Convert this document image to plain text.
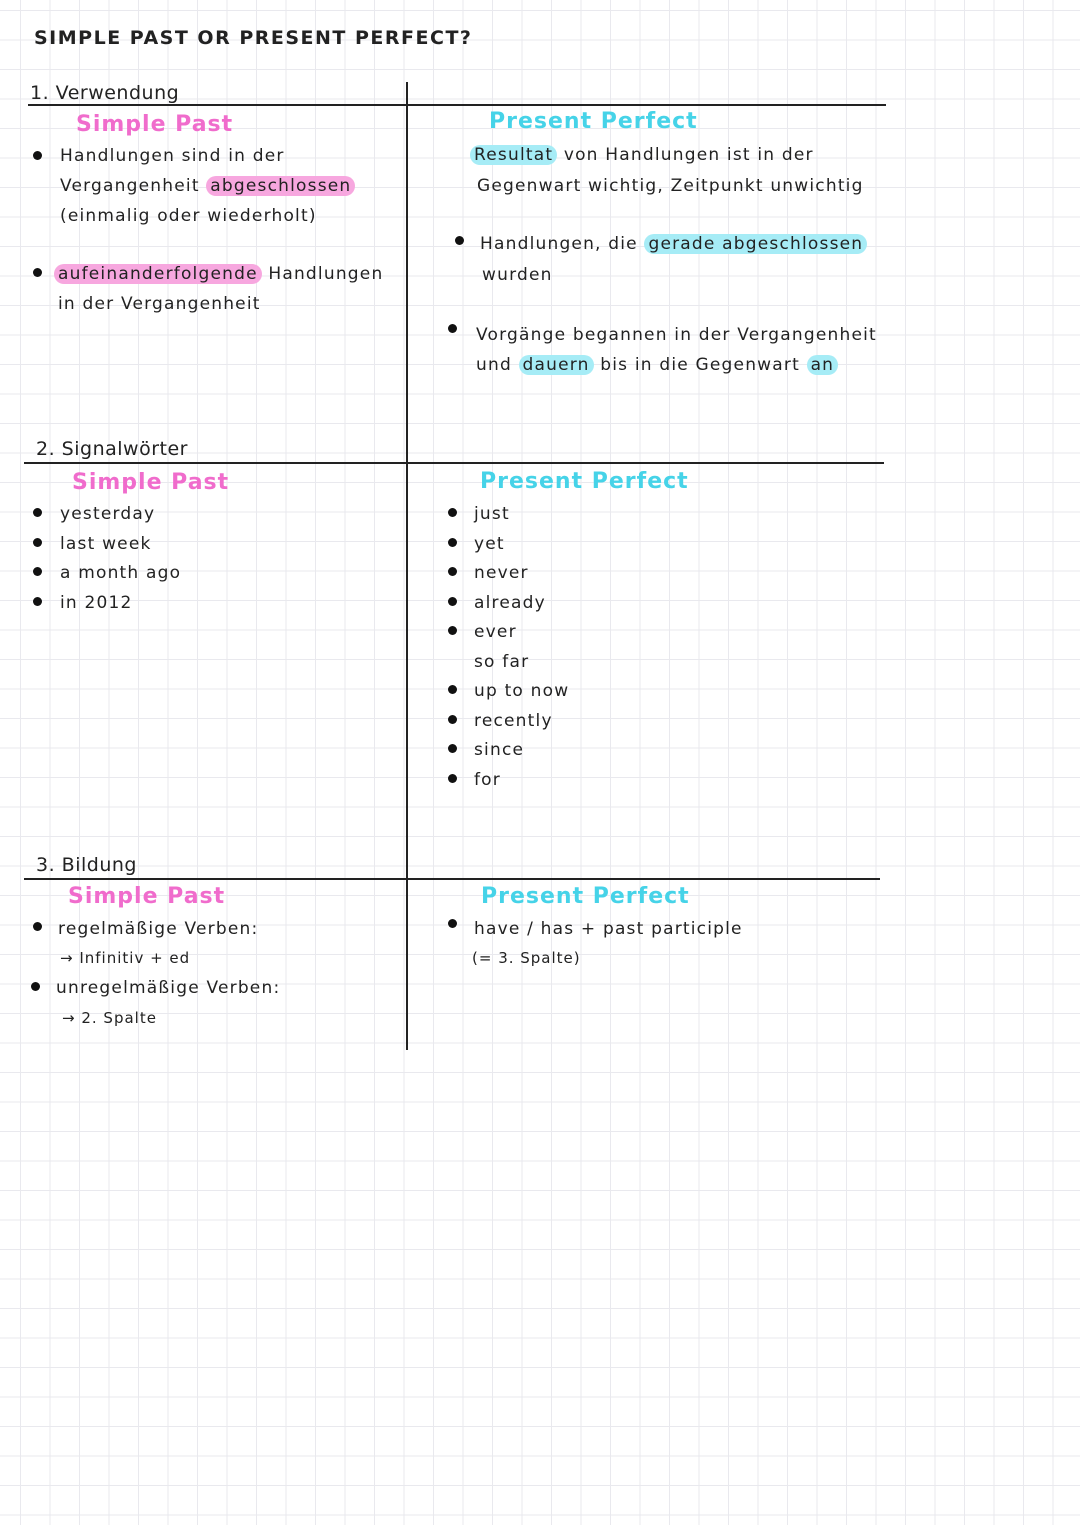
SIMPLE PAST OR PRESENT PERFECT?
1. Verwendung
Simple Past
Handlungen sind in der
Vergangenheit abgeschlossen
(einmalig oder wiederholt)
aufeinanderfolgende Handlungen
in der Vergangenheit
Present Perfect
Resultat von Handlungen ist in der
Gegenwart wichtig, Zeitpunkt unwichtig
Handlungen, die gerade abgeschlossen
wurden
Vorgänge begannen in der Vergangenheit
und dauern bis in die Gegenwart an
2. Signalwörter
Simple Past
yesterday
last week
a month ago
in 2012
Present Perfect
just
yet
never
already
ever
so far
up to now
recently
since
for
3. Bildung
Simple Past
regelmäßige Verben:
→ Infinitiv + ed
unregelmäßige Verben:
→ 2. Spalte
Present Perfect
have / has + past participle
(= 3. Spalte)
